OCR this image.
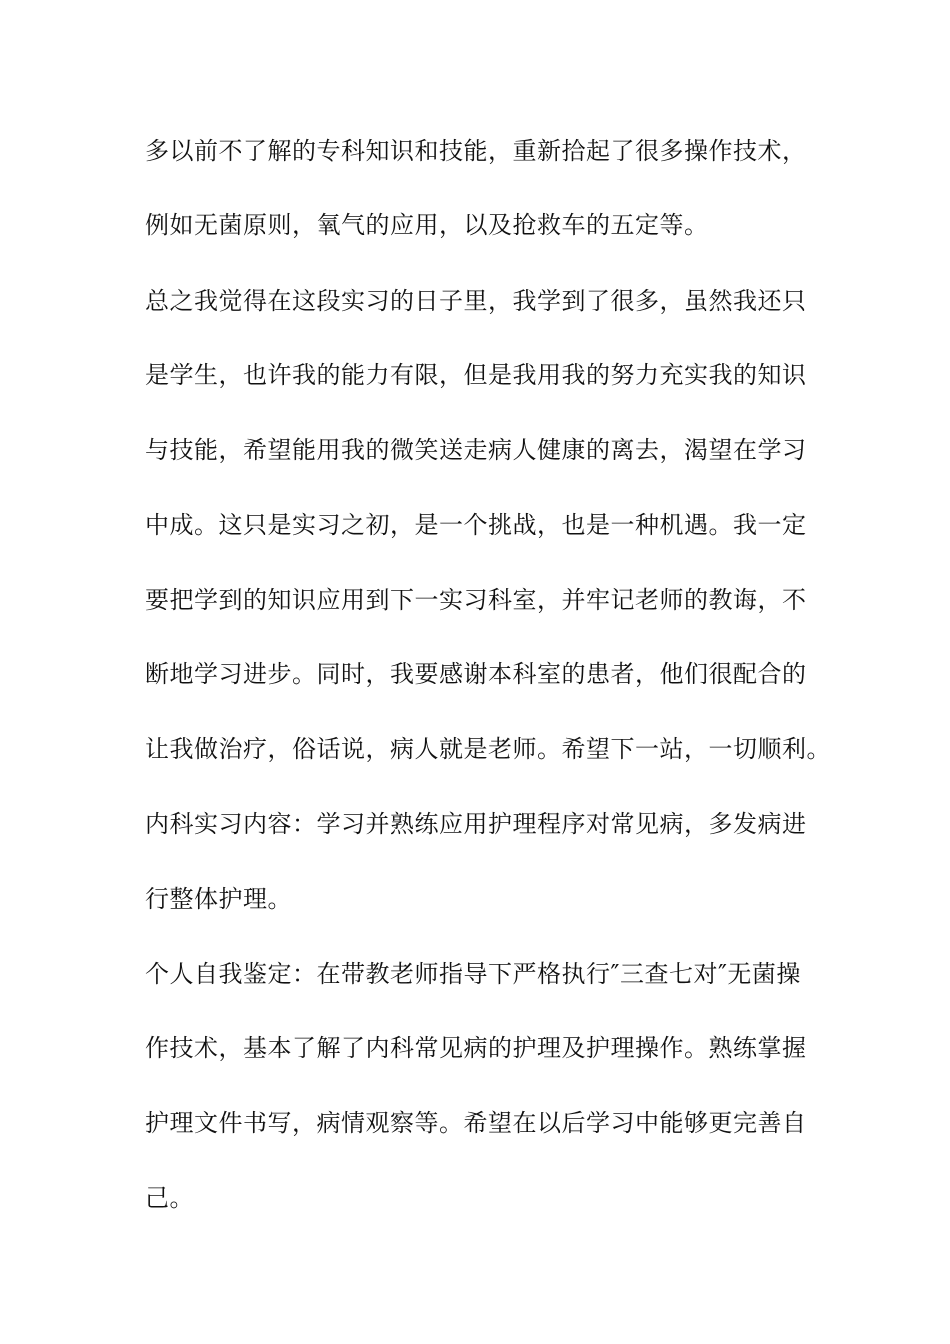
多以前不了解的专科知识和技能，重新拾起了很多操作技术，

例如无菌原则，氧气的应用，以及抢救车的五定等。

总之我觉得在这段实习的日子里，我学到了很多，虽然我还只

是学生，也许我的能力有限，但是我用我的努力充实我的知识

与技能，希望能用我的微笑送走病人健康的离去，渴望在学习

中成。这只是实习之初，是一个挑战，也是一种机遇。我一定

要把学到的知识应用到下一实习科室，并牢记老师的教诲，不

断地学习进步。同时，我要感谢本科室的患者，他们很配合的

让我做治疗，俗话说，病人就是老师。希望下一站，一切顺利。

内科实习内容：学习并熟练应用护理程序对常见病，多发病进

行整体护理。

个人自我鉴定：在带教老师指导下严格执行″三查七对″无菌操

作技术，基本了解了内科常见病的护理及护理操作。熟练掌握

护理文件书写，病情观察等。希望在以后学习中能够更完善自

己。
